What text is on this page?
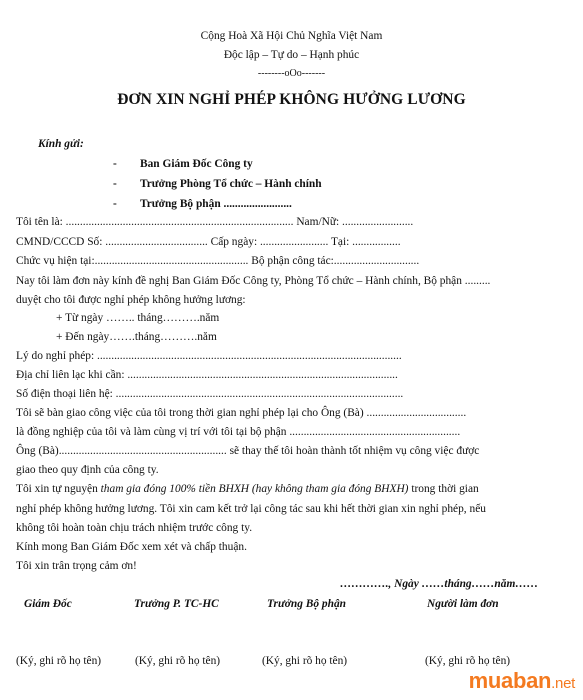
Cộng Hoà Xã Hội Chủ Nghĩa Việt Nam
Độc lập – Tự do – Hạnh phúc
--------oOo-------
ĐƠN XIN NGHỈ PHÉP KHÔNG HƯỞNG LƯƠNG
Kính gửi:
- Ban Giám Đốc Công ty
- Trưởng Phòng Tổ chức – Hành chính
- Trưởng Bộ phận ........................
Tôi tên là: ................................................................................ Nam/Nữ: .........................
CMND/CCCD Số: .................................... Cấp ngày: ........................ Tại: .................
Chức vụ hiện tại:...................................................... Bộ phận công tác:..............................
Nay tôi làm đơn này kính đề nghị Ban Giám Đốc Công ty, Phòng Tổ chức – Hành chính, Bộ phận .........
duyệt cho tôi được nghỉ phép không hưởng lương:
+ Từ ngày …….. tháng……….năm
+ Đến ngày…….tháng……….năm
Lý do nghỉ phép: ...........................................................................................................
Địa chỉ liên lạc khi cần: ...............................................................................................
Số điện thoại liên hệ: .....................................................................................................
Tôi sẽ bàn giao công việc của tôi trong thời gian nghỉ phép lại cho Ông (Bà) ...................................
là đồng nghiệp của tôi và làm cùng vị trí với tôi tại bộ phận ............................................................
Ông (Bà)........................................................... sẽ thay thế tôi hoàn thành tốt nhiệm vụ công việc được
giao theo quy định của công ty.
Tôi xin tự nguyện tham gia đóng 100% tiền BHXH (hay không tham gia đóng BHXH) trong thời gian
nghỉ phép không hưởng lương. Tôi xin cam kết trở lại công tác sau khi hết thời gian xin nghỉ phép, nếu
không tôi hoàn toàn chịu trách nhiệm trước công ty.
Kính mong Ban Giám Đốc xem xét và chấp thuận.
Tôi xin trân trọng cảm ơn!
…………., Ngày ……tháng……năm……
Giám Đốc	Trưởng P. TC-HC	Trưởng Bộ phận	Người làm đơn
(Ký, ghi rõ họ tên)	(Ký, ghi rõ họ tên)	(Ký, ghi rõ họ tên)	(Ký, ghi rõ họ tên)
muaban.net
